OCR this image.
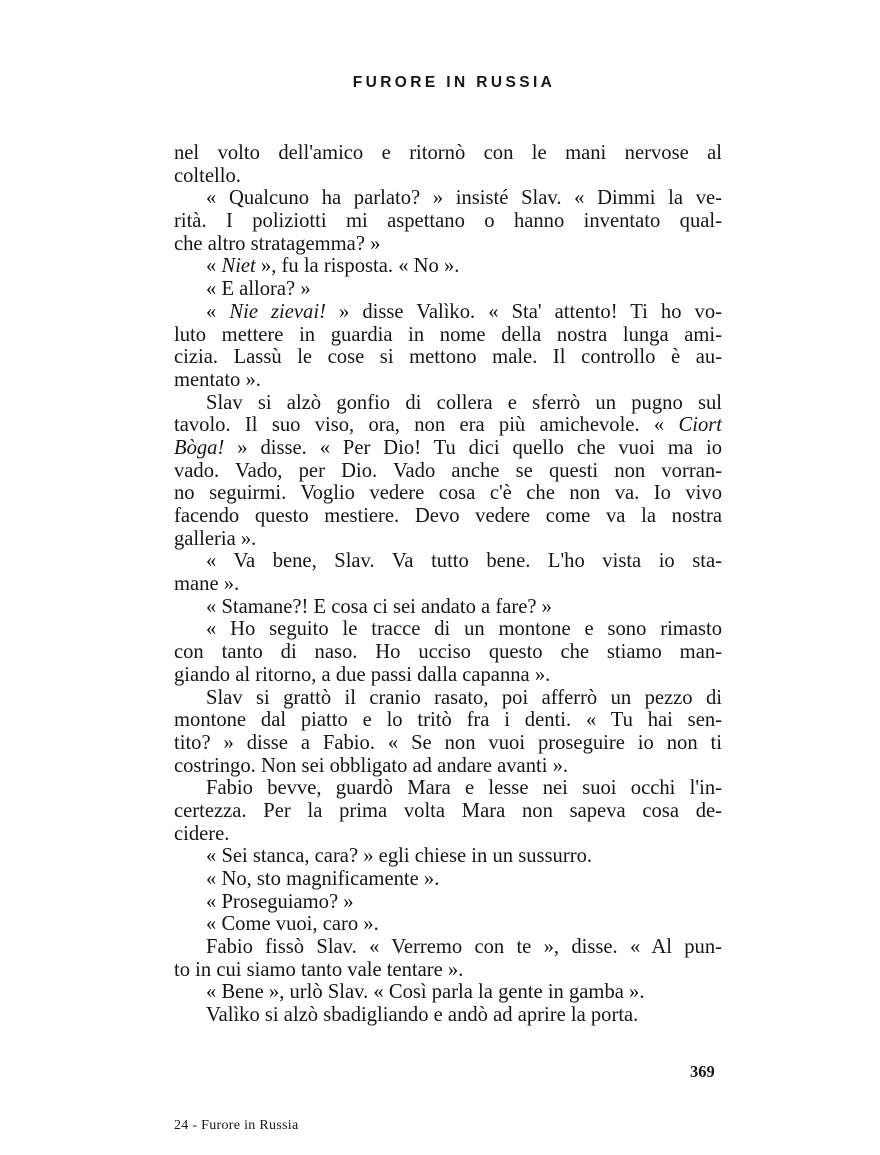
FURORE IN RUSSIA
nel volto dell'amico e ritornò con le mani nervose al
coltello.
« Qualcuno ha parlato? » insisté Slav. « Dimmi la ve-
rità. I poliziotti mi aspettano o hanno inventato qual-
che altro stratagemma? »
« Niet », fu la risposta. « No ».
« E allora? »
« Nie zievai! » disse Valìko. « Sta' attento! Ti ho vo-
luto mettere in guardia in nome della nostra lunga ami-
cizia. Lassù le cose si mettono male. Il controllo è au-
mentato ».
Slav si alzò gonfio di collera e sferrò un pugno sul
tavolo. Il suo viso, ora, non era più amichevole. « Ciort
Bòga! » disse. « Per Dio! Tu dici quello che vuoi ma io
vado. Vado, per Dio. Vado anche se questi non vorran-
no seguirmi. Voglio vedere cosa c'è che non va. Io vivo
facendo questo mestiere. Devo vedere come va la nostra
galleria ».
« Va bene, Slav. Va tutto bene. L'ho vista io sta-
mane ».
« Stamane?! E cosa ci sei andato a fare? »
« Ho seguito le tracce di un montone e sono rimasto
con tanto di naso. Ho ucciso questo che stiamo man-
giando al ritorno, a due passi dalla capanna ».
Slav si grattò il cranio rasato, poi afferrò un pezzo di
montone dal piatto e lo tritò fra i denti. « Tu hai sen-
tito? » disse a Fabio. « Se non vuoi proseguire io non ti
costringo. Non sei obbligato ad andare avanti ».
Fabio bevve, guardò Mara e lesse nei suoi occhi l'in-
certezza. Per la prima volta Mara non sapeva cosa de-
cidere.
« Sei stanca, cara? » egli chiese in un sussurro.
« No, sto magnificamente ».
« Proseguiamo? »
« Come vuoi, caro ».
Fabio fissò Slav. « Verremo con te », disse. « Al pun-
to in cui siamo tanto vale tentare ».
« Bene », urlò Slav. « Così parla la gente in gamba ».
Valìko si alzò sbadigliando e andò ad aprire la porta.
369
24 - Furore in Russia
